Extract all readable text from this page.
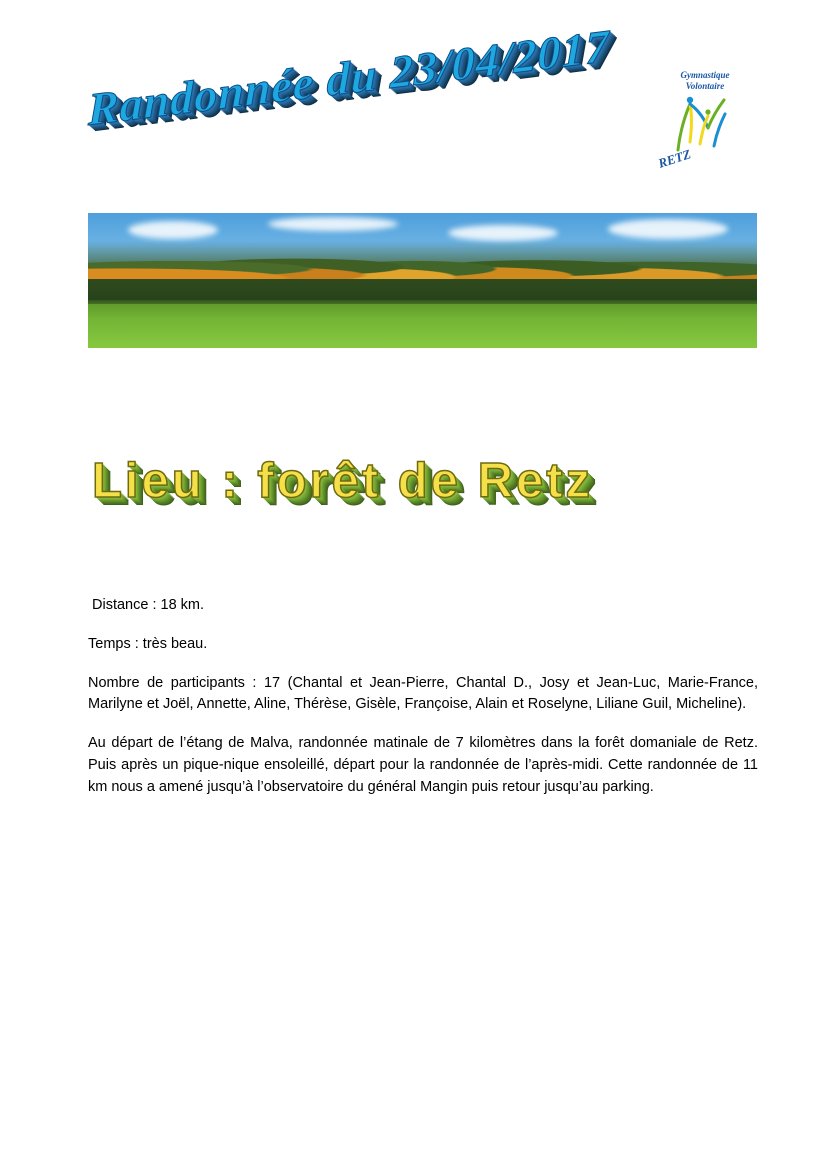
Randonnée du 23/04/2017	Gymnastique
Volontaire
RETZ
Lieu : forêt de Retz

Distance : 18 km.

Temps : très beau.

Nombre de participants : 17 (Chantal et Jean-Pierre, Chantal D., Josy et Jean-Luc, Marie-France, Marilyne et Joël, Annette, Aline, Thérèse, Gisèle, Françoise, Alain et Roselyne, Liliane Guil, Micheline).

Au départ de l’étang de Malva, randonnée matinale de 7 kilomètres dans la forêt domaniale de Retz. Puis après un pique-nique ensoleillé, départ pour la randonnée de l’après-midi. Cette randonnée de 11 km nous a amené jusqu’à l’observatoire du général Mangin puis retour jusqu’au parking.
